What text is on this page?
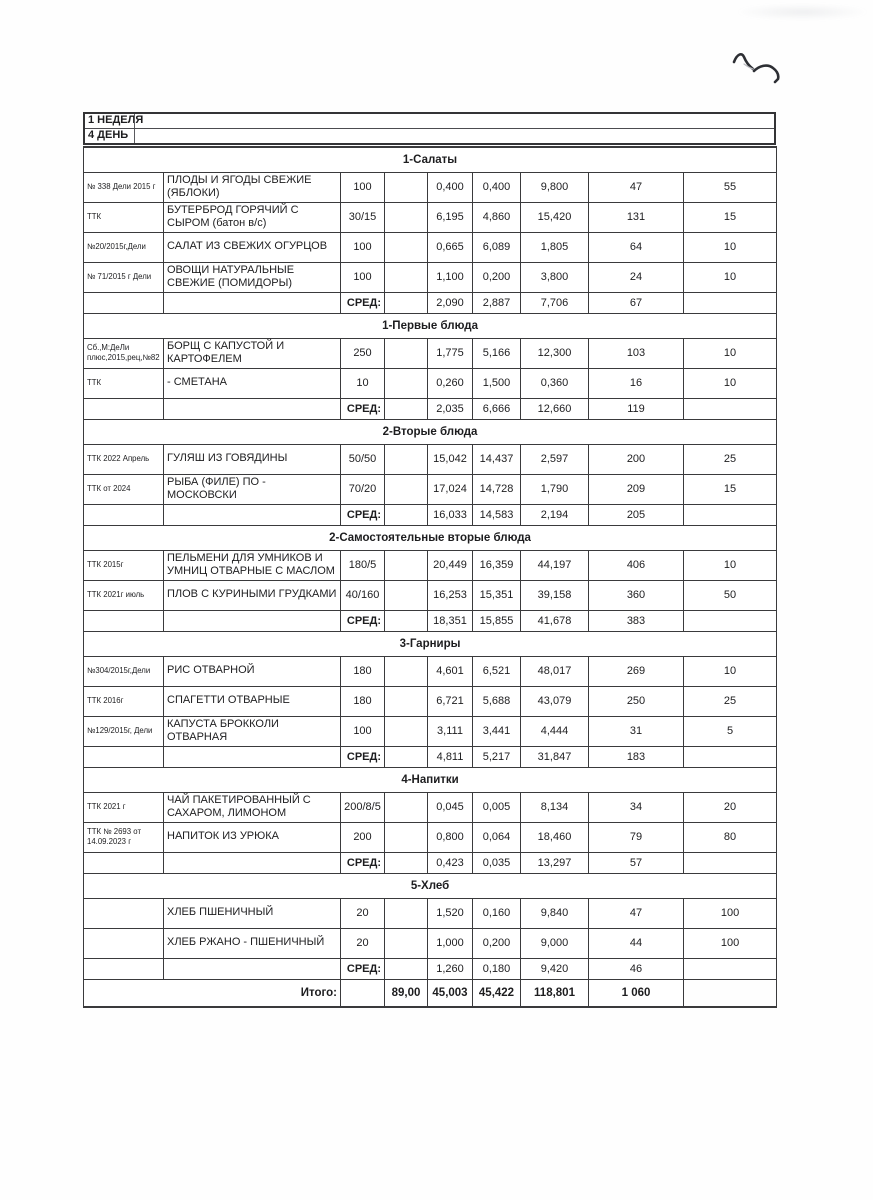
1 НЕДЕЛЯ
4 ДЕНЬ
1-Салаты								
№ 338 Дели 2015 г	ПЛОДЫ И ЯГОДЫ СВЕЖИЕ (ЯБЛОКИ)	100		0,400	0,400	9,800	47	55
ТТК	БУТЕРБРОД ГОРЯЧИЙ С СЫРОМ (батон в/с)	30/15		6,195	4,860	15,420	131	15
№20/2015г,Дели	САЛАТ ИЗ СВЕЖИХ ОГУРЦОВ	100		0,665	6,089	1,805	64	10
№ 71/2015 г Дели	ОВОЩИ НАТУРАЛЬНЫЕ СВЕЖИЕ (ПОМИДОРЫ)	100		1,100	0,200	3,800	24	10
		СРЕД:		2,090	2,887	7,706	67	
1-Первые блюда								
Сб.,М:ДеЛи плюс,2015,рец,№82	БОРЩ С КАПУСТОЙ И КАРТОФЕЛЕМ	250		1,775	5,166	12,300	103	10
ТТК	- СМЕТАНА	10		0,260	1,500	0,360	16	10
		СРЕД:		2,035	6,666	12,660	119	
2-Вторые блюда								
ТТК 2022 Апрель	ГУЛЯШ ИЗ ГОВЯДИНЫ	50/50		15,042	14,437	2,597	200	25
ТТК от 2024	РЫБА (ФИЛЕ) ПО - МОСКОВСКИ	70/20		17,024	14,728	1,790	209	15
		СРЕД:		16,033	14,583	2,194	205	
2-Самостоятельные вторые блюда								
ТТК 2015г	ПЕЛЬМЕНИ ДЛЯ УМНИКОВ И УМНИЦ ОТВАРНЫЕ С МАСЛОМ	180/5		20,449	16,359	44,197	406	10
ТТК 2021г июль	ПЛОВ С КУРИНЫМИ ГРУДКАМИ	40/160		16,253	15,351	39,158	360	50
		СРЕД:		18,351	15,855	41,678	383	
3-Гарниры								
№304/2015г,Дели	РИС ОТВАРНОЙ	180		4,601	6,521	48,017	269	10
ТТК 2016г	СПАГЕТТИ ОТВАРНЫЕ	180		6,721	5,688	43,079	250	25
№129/2015г, Дели	КАПУСТА БРОККОЛИ ОТВАРНАЯ	100		3,111	3,441	4,444	31	5
		СРЕД:		4,811	5,217	31,847	183	
4-Напитки								
ТТК 2021 г	ЧАЙ ПАКЕТИРОВАННЫЙ С САХАРОМ, ЛИМОНОМ	200/8/5		0,045	0,005	8,134	34	20
ТТК № 2693 от 14.09.2023 г	НАПИТОК ИЗ УРЮКА	200		0,800	0,064	18,460	79	80
		СРЕД:		0,423	0,035	13,297	57	
5-Хлеб								
	ХЛЕБ ПШЕНИЧНЫЙ	20		1,520	0,160	9,840	47	100
	ХЛЕБ РЖАНО - ПШЕНИЧНЫЙ	20		1,000	0,200	9,000	44	100
		СРЕД:		1,260	0,180	9,420	46	
Итого:			89,00	45,003	45,422	118,801	1 060	
